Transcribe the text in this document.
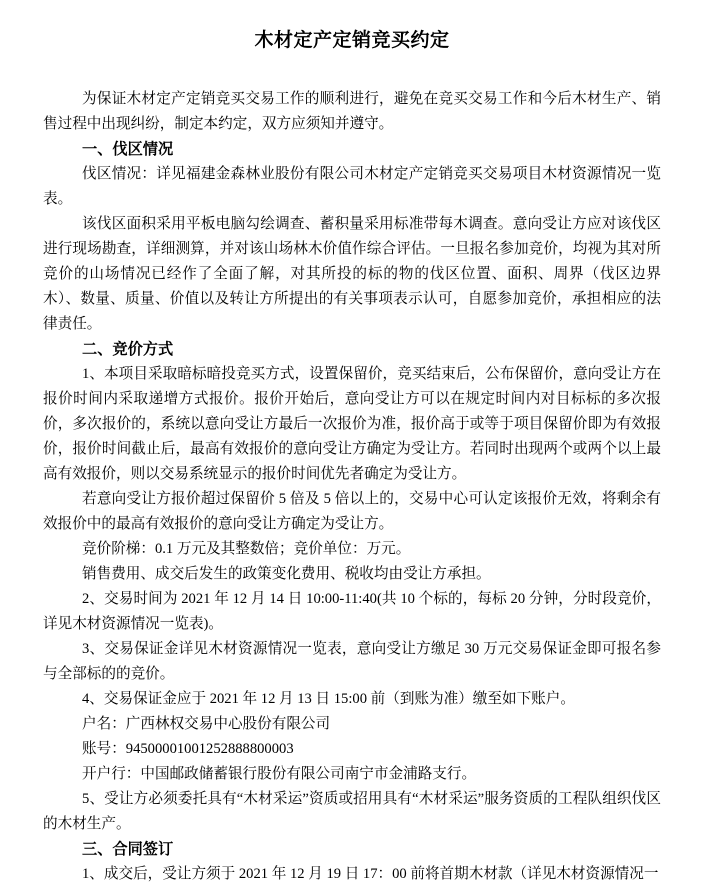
木材定产定销竞买约定

为保证木材定产定销竞买交易工作的顺利进行，避免在竞买交易工作和今后木材生产、销售过程中出现纠纷，制定本约定，双方应须知并遵守。

一、伐区情况

伐区情况：详见福建金森林业股份有限公司木材定产定销竞买交易项目木材资源情况一览表。

该伐区面积采用平板电脑勾绘调查、蓄积量采用标准带每木调查。意向受让方应对该伐区进行现场勘查，详细测算，并对该山场林木价值作综合评估。一旦报名参加竞价，均视为其对所竞价的山场情况已经作了全面了解，对其所投的标的物的伐区位置、面积、周界（伐区边界木）、数量、质量、价值以及转让方所提出的有关事项表示认可，自愿参加竞价，承担相应的法律责任。

二、竞价方式

1、本项目采取暗标暗投竞买方式，设置保留价，竞买结束后，公布保留价，意向受让方在报价时间内采取递增方式报价。报价开始后，意向受让方可以在规定时间内对目标标的多次报价，多次报价的，系统以意向受让方最后一次报价为准，报价高于或等于项目保留价即为有效报价，报价时间截止后，最高有效报价的意向受让方确定为受让方。若同时出现两个或两个以上最高有效报价，则以交易系统显示的报价时间优先者确定为受让方。

若意向受让方报价超过保留价 5 倍及 5 倍以上的，交易中心可认定该报价无效，将剩余有效报价中的最高有效报价的意向受让方确定为受让方。

竞价阶梯：0.1 万元及其整数倍；竞价单位：万元。

销售费用、成交后发生的政策变化费用、税收均由受让方承担。

2、交易时间为 2021 年 12 月 14 日 10:00-11:40(共 10 个标的，每标 20 分钟，分时段竞价，详见木材资源情况一览表)。

3、交易保证金详见木材资源情况一览表，意向受让方缴足 30 万元交易保证金即可报名参与全部标的的竞价。

4、交易保证金应于 2021 年 12 月 13 日 15:00 前（到账为准）缴至如下账户。

户名：广西林权交易中心股份有限公司

账号：94500001001252888800003

开户行：中国邮政储蓄银行股份有限公司南宁市金浦路支行。

5、受让方必须委托具有“木材采运”资质或招用具有“木材采运”服务资质的工程队组织伐区的木材生产。

三、合同签订

1、成交后，受让方须于 2021 年 12 月 19 日 17：00 前将首期木材款（详见木材资源情况一
